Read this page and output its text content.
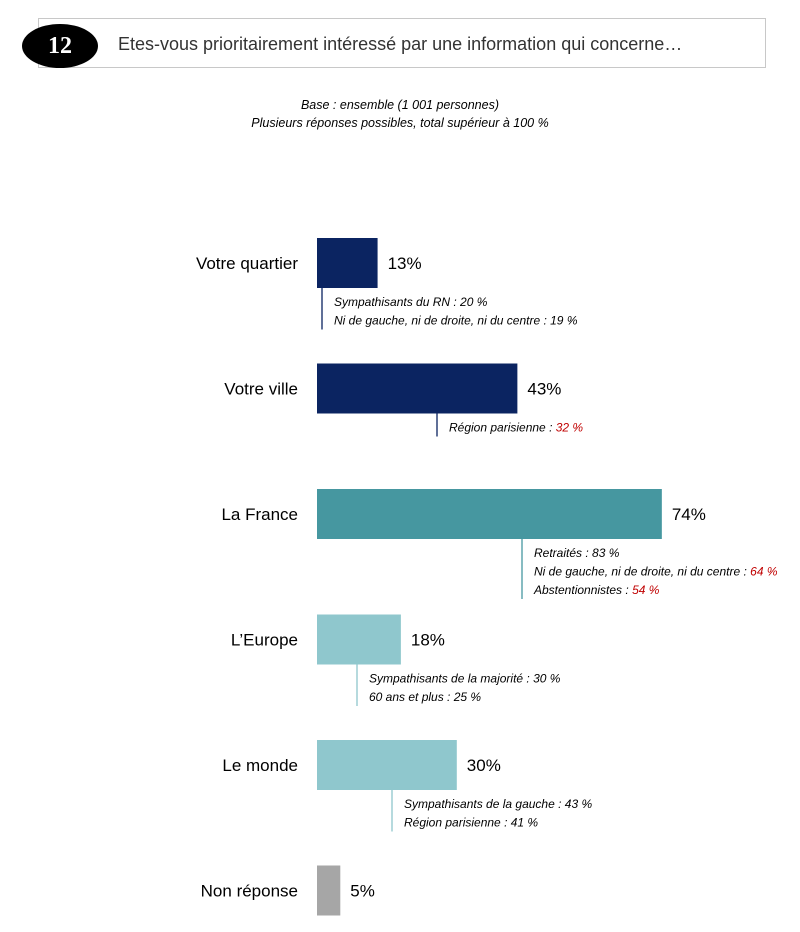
12	Etes-vous prioritairement intéressé par une information qui concerne…
Base : ensemble (1 001 personnes)
Plusieurs réponses possibles, total supérieur à 100 %
Votre quartier	13%
Sympathisants du RN : 20 %
Ni de gauche, ni de droite, ni du centre : 19 %
Votre ville	43%
Région parisienne : 32 %
La France	74%
Retraités : 83 %
Ni de gauche, ni de droite, ni du centre : 64 %
Abstentionnistes : 54 %
L’Europe	18%
Sympathisants de la majorité : 30 %
60 ans et plus : 25 %
Le monde	30%
Sympathisants de la gauche : 43 %
Région parisienne : 41 %
Non réponse	5%
